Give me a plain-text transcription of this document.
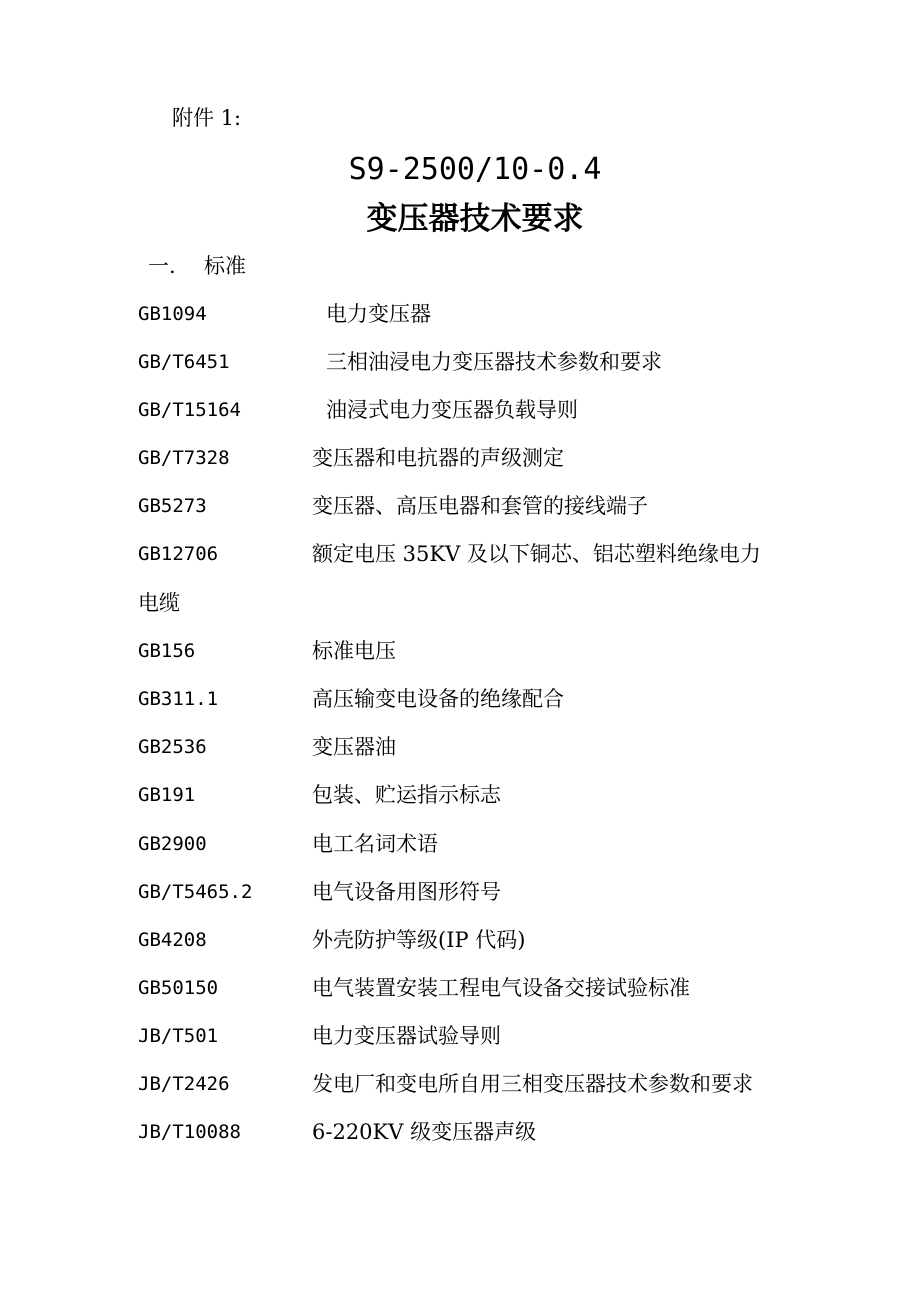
附件 1:
S9-2500/10-0.4
变压器技术要求
一. 标准
GB1094	电力变压器
GB/T6451	三相油浸电力变压器技术参数和要求
GB/T15164	油浸式电力变压器负载导则
GB/T7328	变压器和电抗器的声级测定
GB5273	变压器、高压电器和套管的接线端子
GB12706	额定电压 35KV 及以下铜芯、铝芯塑料绝缘电力
电缆
GB156	标准电压
GB311.1	高压输变电设备的绝缘配合
GB2536	变压器油
GB191	包装、贮运指示标志
GB2900	电工名词术语
GB/T5465.2	电气设备用图形符号
GB4208	外壳防护等级(IP 代码)
GB50150	电气装置安装工程电气设备交接试验标准
JB/T501	电力变压器试验导则
JB/T2426	发电厂和变电所自用三相变压器技术参数和要求
JB/T10088	6-220KV 级变压器声级
